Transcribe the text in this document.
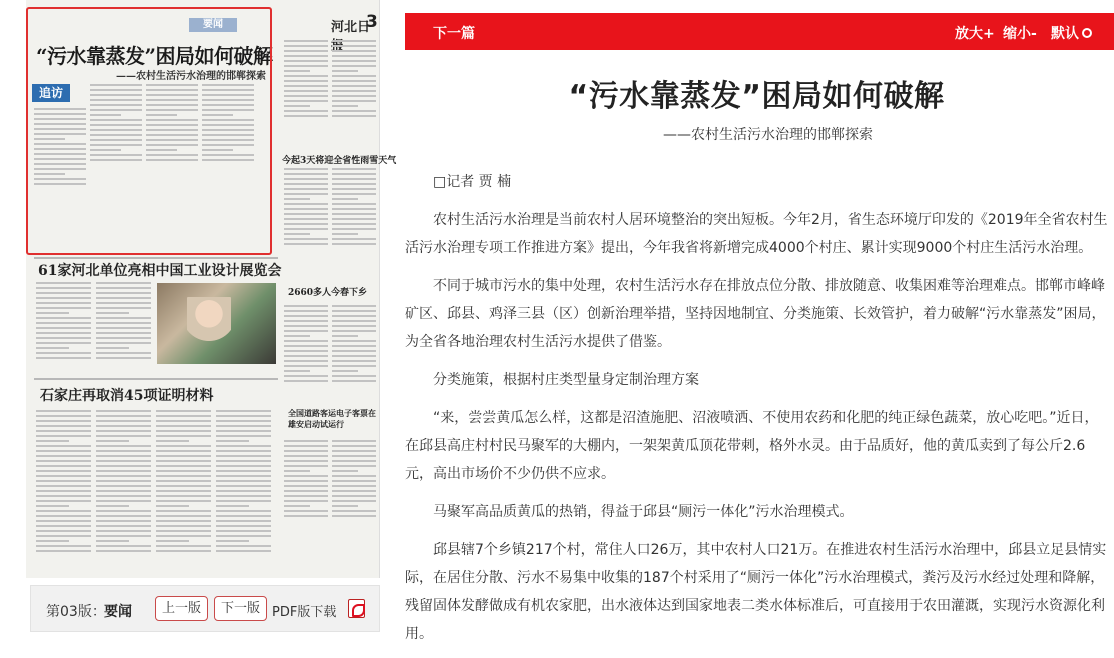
要闻	河北日
3
“污水靠蒸发”困局如何破解
——农村生活污水治理的邯郸探索
追访
今起3天将迎全省性雨雪天气
61家河北单位亮相中国工业设计展览会
2660多人今春下乡
石家庄再取消45项证明材料
全国道路客运电子客票在雄安启动试运行
第03版：
要闻	上一版	下一版 PDF版下载
下一篇	放大+ 缩小- 默认
“污水靠蒸发”困局如何破解
——农村生活污水治理的邯郸探索

□记者 贾 楠

农村生活污水治理是当前农村人居环境整治的突出短板。今年2月，省生态环境厅印发的《2019年全省农村生活污水治理专项工作推进方案》提出，今年我省将新增完成4000个村庄、累计实现9000个村庄生活污水治理。

不同于城市污水的集中处理，农村生活污水存在排放点位分散、排放随意、收集困难等治理难点。邯郸市峰峰矿区、邱县、鸡泽三县（区）创新治理举措，坚持因地制宜、分类施策、长效管护，着力破解“污水靠蒸发”困局，为全省各地治理农村生活污水提供了借鉴。

分类施策，根据村庄类型量身定制治理方案

“来，尝尝黄瓜怎么样，这都是沼渣施肥、沼液喷洒、不使用农药和化肥的纯正绿色蔬菜，放心吃吧。”近日，在邱县高庄村村民马聚军的大棚内，一架架黄瓜顶花带刺，格外水灵。由于品质好，他的黄瓜卖到了每公斤2.6元，高出市场价不少仍供不应求。

马聚军高品质黄瓜的热销，得益于邱县“厕污一体化”污水治理模式。

邱县辖7个乡镇217个村，常住人口26万，其中农村人口21万。在推进农村生活污水治理中，邱县立足县情实际，在居住分散、污水不易集中收集的187个村采用了“厕污一体化”污水治理模式，粪污及污水经过处理和降解，残留固体发酵做成有机农家肥，出水液体达到国家地表二类水体标准后，可直接用于农田灌溉，实现污水资源化利用。
